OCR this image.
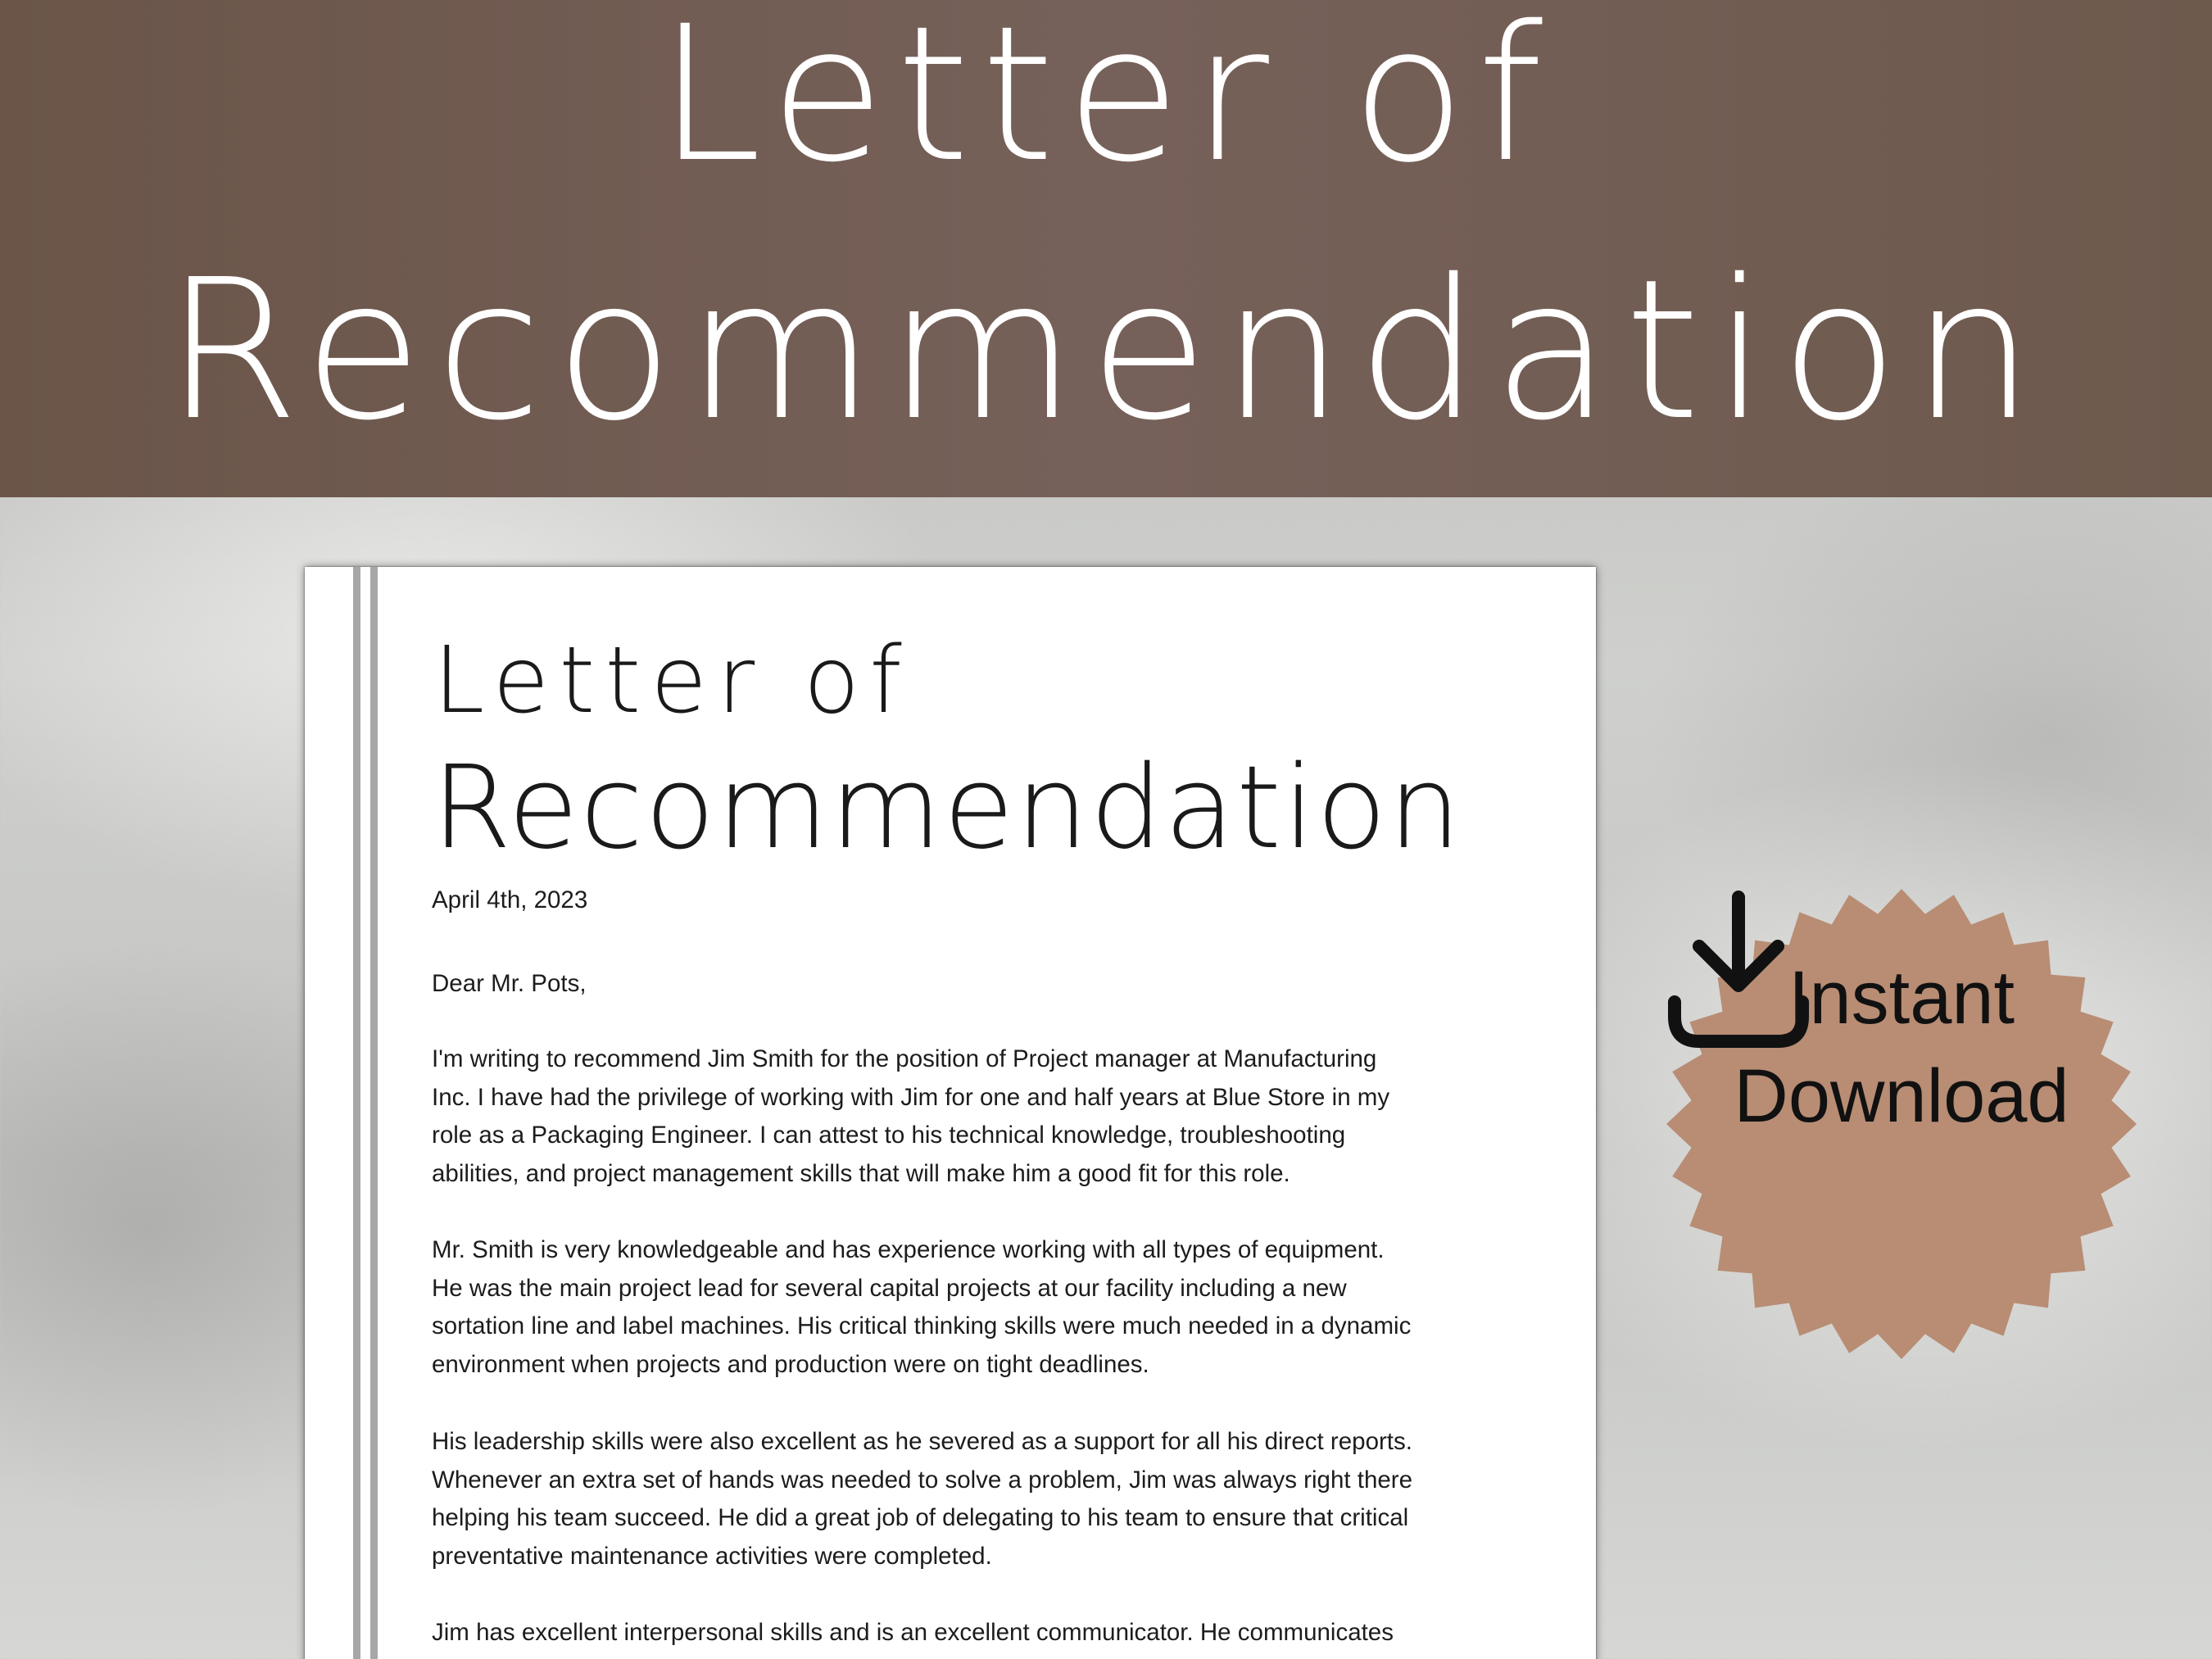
Letter of
Recommendation
Letter of
Recommendation
April 4th, 2023
Dear Mr. Pots,
I'm writing to recommend Jim Smith for the position of Project manager at Manufacturing
Inc. I have had the privilege of working with Jim for one and half years at Blue Store in my
role as a Packaging Engineer. I can attest to his technical knowledge, troubleshooting
abilities, and project management skills that will make him a good fit for this role.
Mr. Smith is very knowledgeable and has experience working with all types of equipment.
He was the main project lead for several capital projects at our facility including a new
sortation line and label machines. His critical thinking skills were much needed in a dynamic
environment when projects and production were on tight deadlines.
His leadership skills were also excellent as he severed as a support for all his direct reports.
Whenever an extra set of hands was needed to solve a problem, Jim was always right there
helping his team succeed. He did a great job of delegating to his team to ensure that critical
preventative maintenance activities were completed.
Jim has excellent interpersonal skills and is an excellent communicator. He communicates
Instant
Download
